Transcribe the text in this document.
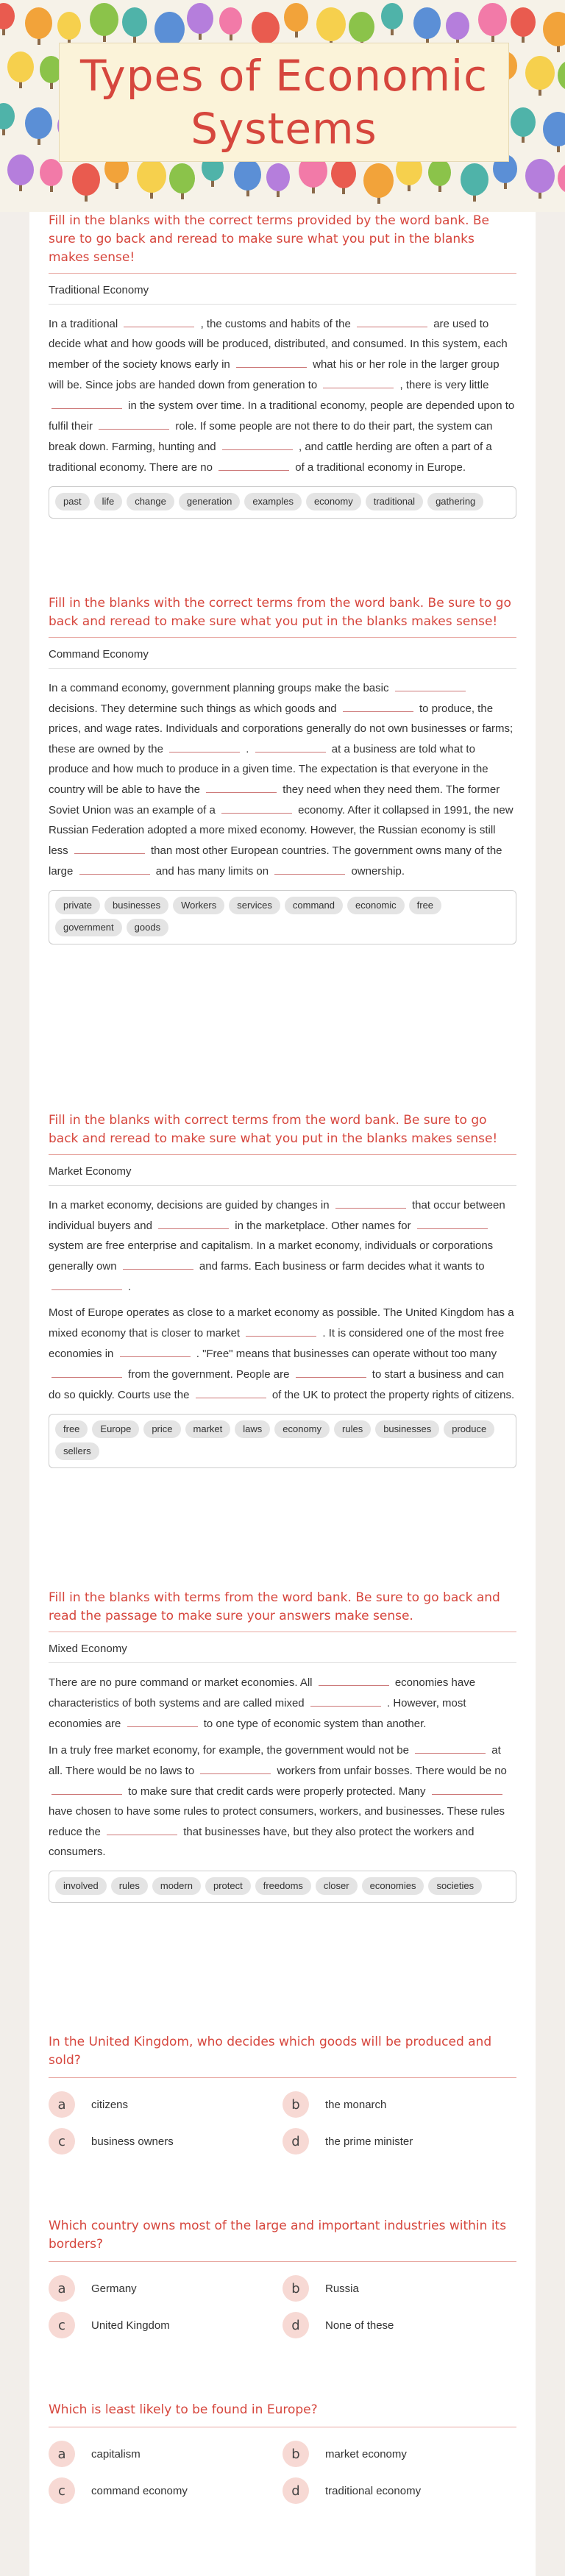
Types of Economic Systems

Fill in the blanks with the correct terms provided by the word bank. Be sure to go back and reread to make sure what you put in the blanks makes sense!

Traditional Economy

In a traditional	, the customs and habits of the	are used to decide what and how goods will be produced, distributed, and consumed. In this system, each member of the society knows early in	what his or her role in the larger group will be. Since jobs are handed down from generation to	, there is very little  in the system over time. In a traditional economy, people are depended upon to fulfil their	role. If some people are not there to do their part, the system can break down. Farming, hunting and	, and cattle herding are often a part of a traditional economy. There are no	of a traditional economy in Europe.

past	life	change	generation	examples	economy	traditional	gathering

Fill in the blanks with the correct terms from the word bank. Be sure to go back and reread to make sure what you put in the blanks makes sense!

Command Economy

In a command economy, government planning groups make the basic  decisions. They determine such things as which goods and	to produce, the prices, and wage rates. Individuals and corporations generally do not own businesses or farms; these are owned by the	.	at a business are told what to produce and how much to produce in a given time. The expectation is that everyone in the country will be able to have the	they need when they need them. The former Soviet Union was an example of a	economy. After it collapsed in 1991, the new Russian Federation adopted a more mixed economy. However, the Russian economy is still less	than most other European countries. The government owns many of the large	and has many limits on	ownership.

private	businesses	Workers	services	command	economic	free
government	goods

Fill in the blanks with correct terms from the word bank. Be sure to go back and reread to make sure what you put in the blanks makes sense!

Market Economy

In a market economy, decisions are guided by changes in	that occur between individual buyers and	in the marketplace. Other names for  system are free enterprise and capitalism. In a market economy, individuals or corporations generally own	and farms. Each business or farm decides what it wants to  .

Most of Europe operates as close to a market economy as possible. The United Kingdom has a mixed economy that is closer to market	. It is considered one of the most free economies in	. "Free" means that businesses can operate without too many  from the government. People are	to start a business and can do so quickly. Courts use the	of the UK to protect the property rights of citizens.

free	Europe	price	market	laws	economy	rules	businesses	produce
sellers

Fill in the blanks with terms from the word bank. Be sure to go back and read the passage to make sure your answers make sense.

Mixed Economy

There are no pure command or market economies. All	economies have characteristics of both systems and are called mixed	. However, most economies are	to one type of economic system than another.

In a truly free market economy, for example, the government would not be	at all. There would be no laws to	workers from unfair bosses. There would be no  to make sure that credit cards were properly protected. Many  have chosen to have some rules to protect consumers, workers, and businesses. These rules reduce the	that businesses have, but they also protect the workers and consumers.

involved	rules	modern	protect	freedoms	closer	economies	societies

In the United Kingdom, who decides which goods will be produced and sold?

a	citizens	b	the monarch
c	business owners	d	the prime minister

Which country owns most of the large and important industries within its borders?

a	Germany	b	Russia
c	United Kingdom	d	None of these

Which is least likely to be found in Europe?

a	capitalism	b	market economy
c	command economy	d	traditional economy
